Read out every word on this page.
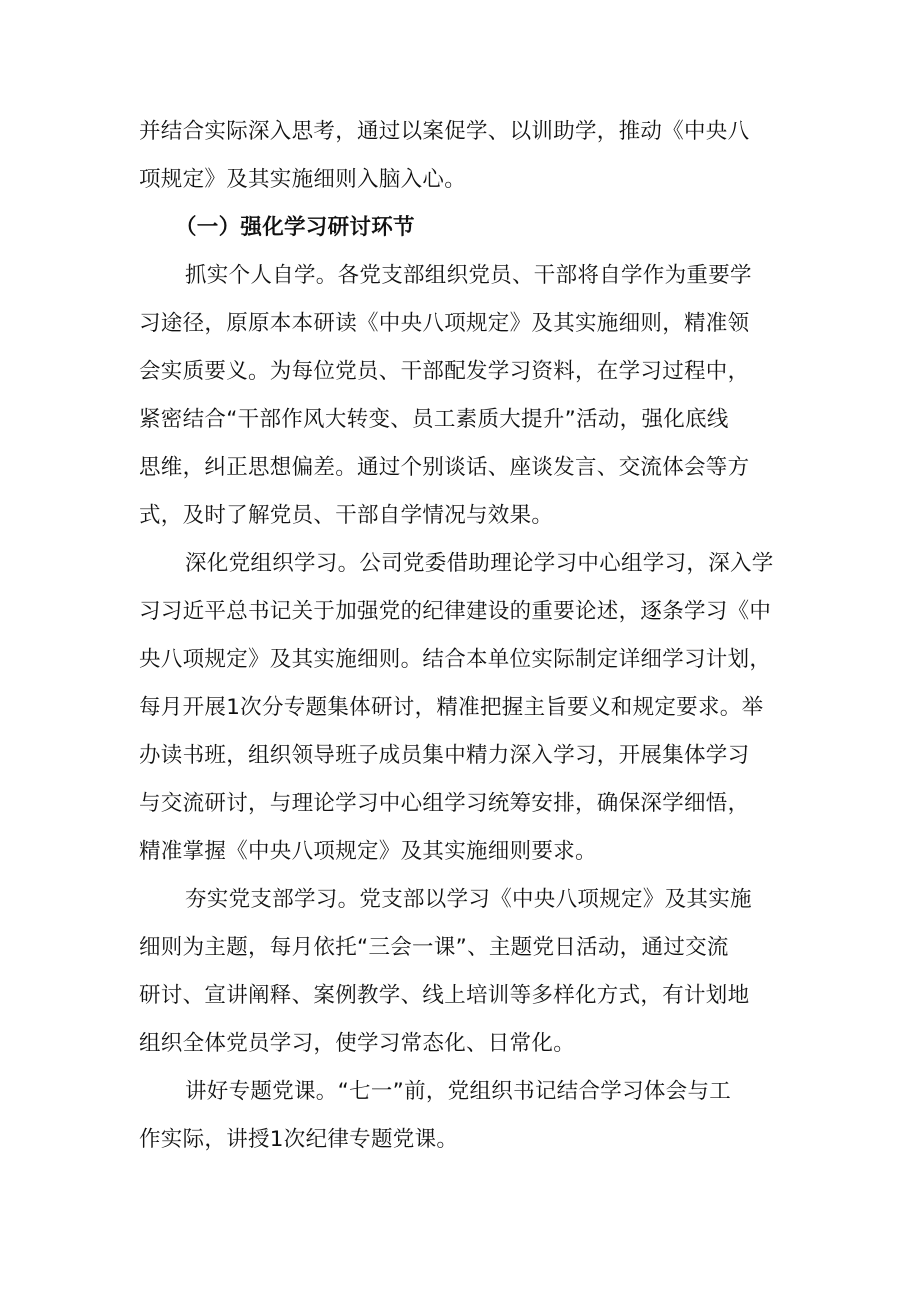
并结合实际深入思考，通过以案促学、以训助学，推动《中央八
项规定》及其实施细则入脑入心。
（一）强化学习研讨环节
抓实个人自学。各党支部组织党员、干部将自学作为重要学
习途径，原原本本研读《中央八项规定》及其实施细则，精准领
会实质要义。为每位党员、干部配发学习资料，在学习过程中，
紧密结合“干部作风大转变、员工素质大提升”活动，强化底线
思维，纠正思想偏差。通过个别谈话、座谈发言、交流体会等方
式，及时了解党员、干部自学情况与效果。
深化党组织学习。公司党委借助理论学习中心组学习，深入学
习习近平总书记关于加强党的纪律建设的重要论述，逐条学习《中
央八项规定》及其实施细则。结合本单位实际制定详细学习计划，
每月开展1次分专题集体研讨，精准把握主旨要义和规定要求。举
办读书班，组织领导班子成员集中精力深入学习，开展集体学习
与交流研讨，与理论学习中心组学习统筹安排，确保深学细悟，
精准掌握《中央八项规定》及其实施细则要求。
夯实党支部学习。党支部以学习《中央八项规定》及其实施
细则为主题，每月依托“三会一课”、主题党日活动，通过交流
研讨、宣讲阐释、案例教学、线上培训等多样化方式，有计划地
组织全体党员学习，使学习常态化、日常化。
讲好专题党课。“七一”前，党组织书记结合学习体会与工
作实际，讲授1次纪律专题党课。
